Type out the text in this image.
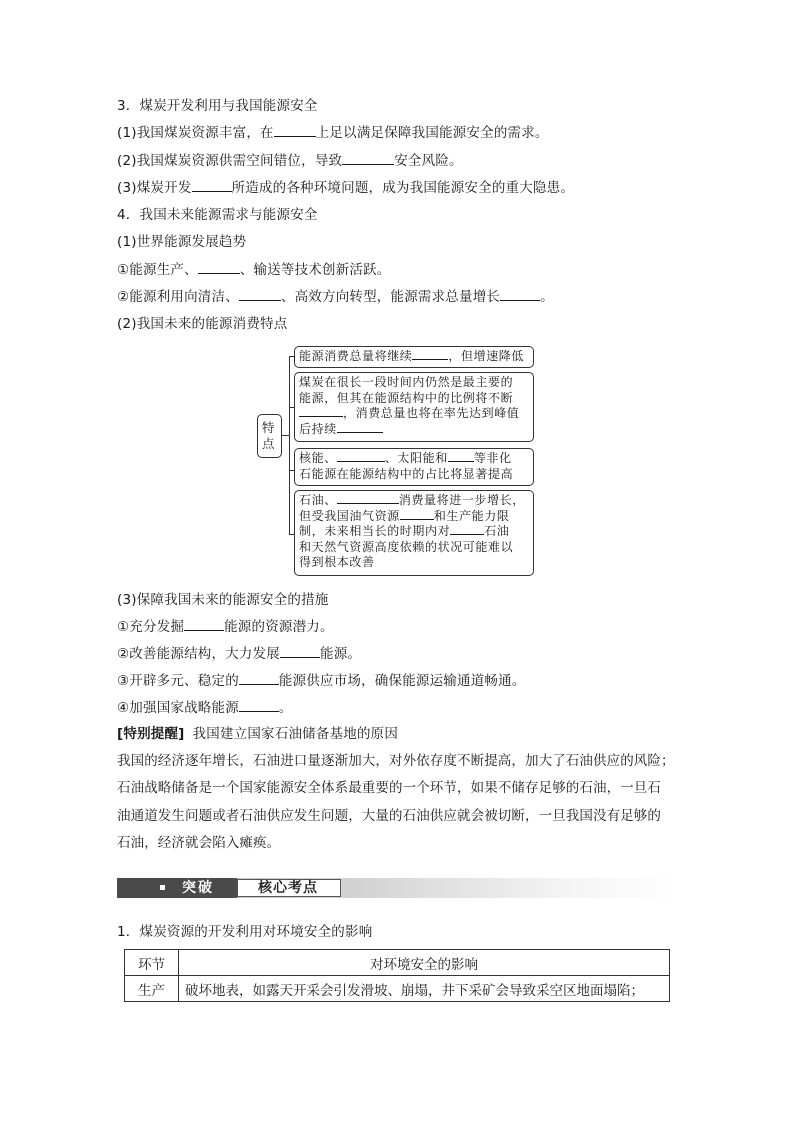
3．煤炭开发利用与我国能源安全
(1)我国煤炭资源丰富，在	上足以满足保障我国能源安全的需求。
(2)我国煤炭资源供需空间错位，导致	安全风险。
(3)煤炭开发	所造成的各种环境问题，成为我国能源安全的重大隐患。
4．我国未来能源需求与能源安全
(1)世界能源发展趋势
①能源生产、	、输送等技术创新活跃。
②能源利用向清洁、	、高效方向转型，能源需求总量增长	。
(2)我国未来的能源消费特点
特点
能源消费总量将继续	，但增速降低
煤炭在很长一段时间内仍然是最主要的
能源，但其在能源结构中的比例将不断
，消费总量也将在率先达到峰值
后持续
核能、	、太阳能和 等非化
石能源在能源结构中的占比将显著提高
石油、	消费量将进一步增长，
但受我国油气资源	和生产能力限
制，未来相当长的时期内对	石油
和天然气资源高度依赖的状况可能难以
得到根本改善
(3)保障我国未来的能源安全的措施
①充分发掘	能源的资源潜力。
②改善能源结构，大力发展	能源。
③开辟多元、稳定的	能源供应市场，确保能源运输通道畅通。
④加强国家战略能源	。
[特别提醒] 我国建立国家石油储备基地的原因
我国的经济逐年增长，石油进口量逐渐加大，对外依存度不断提高，加大了石油供应的风险；
石油战略储备是一个国家能源安全体系最重要的一个环节，如果不储存足够的石油，一旦石
油通道发生问题或者石油供应发生问题，大量的石油供应就会被切断，一旦我国没有足够的
石油，经济就会陷入瘫痪。
突破	核心考点
1．煤炭资源的开发利用对环境安全的影响
环节	对环境安全的影响
生产	破坏地表，如露天开采会引发滑坡、崩塌，井下采矿会导致采空区地面塌陷；
